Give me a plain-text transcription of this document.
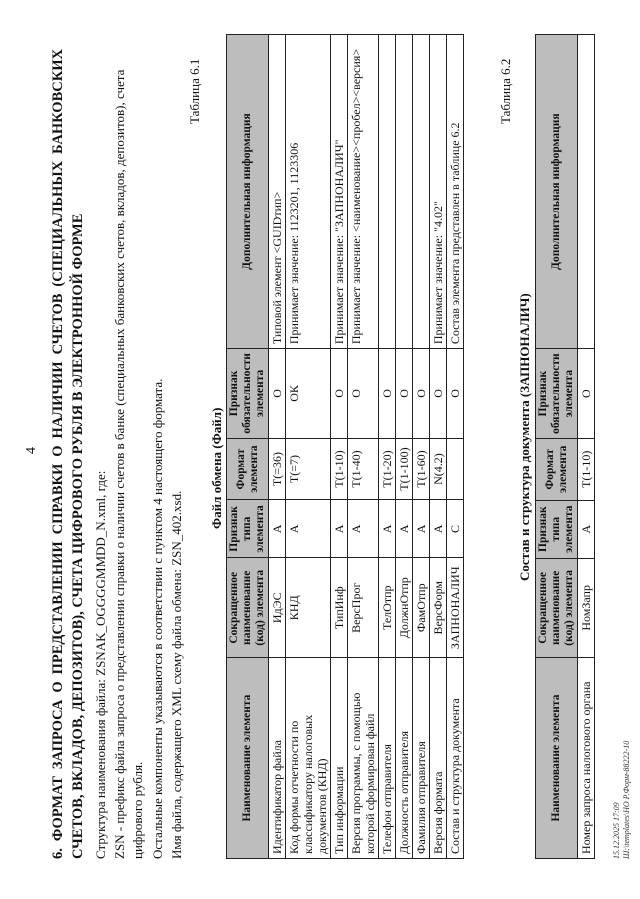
4 6. ФОРМАТ ЗАПРОСА О ПРЕДСТАВЛЕНИИ СПРАВКИ О НАЛИЧИИ СЧЕТОВ (СПЕЦИАЛЬНЫХ БАНКОВСКИХ СЧЕТОВ, ВКЛАДОВ, ДЕПОЗИТОВ), СЧЕТА ЦИФРОВОГО РУБЛЯ В ЭЛЕКТРОННОЙ ФОРМЕ Структура наименования файла: ZSNAK_OGGGGMMDD_N.xml, где: ZSN - префикс файла запроса о представлении справки о наличии счетов в банке (специальных банковских счетов, вкладов, депозитов), счета цифрового рубля. Остальные компоненты указываются в соответствии с пунктом 4 настоящего формата. Имя файла, содержащего XML схему файла обмена: ZSN_402.xsd.
Таблица 6.1
Файл обмена (Файл)
Наименование элемента	Сокращенное наименование (код) элемента	Признак типа элемента	Формат элемента	Признак обязательности элемента	Дополнительная информация
Идентификатор файла	ИдЭС	А	T(=36)	О	Типовой элемент <GUIDтип>
Код формы отчетности по классификатору налоговых документов (КНД)	КНД	А	T(=7)	ОК	Принимает значение: 1123201, 1123306
Тип информации	ТипИнф	А	T(1-10)	О	Принимает значение: "ЗАПНОНАЛИЧ"
Версия программы, с помощью которой сформирован файл	ВерсПрог	А	T(1-40)	О	Принимает значение: <наименование><пробел><версия>
Телефон отправителя	ТелОтпр	А	T(1-20)	О	
Должность отправителя	ДолжнОтпр	А	T(1-100)	О	
Фамилия отправителя	ФамОтпр	А	T(1-60)	О	
Версия формата	ВерсФорм	А	N(4.2)	О	Принимает значение: "4.02"
Состав и структура документа	ЗАПНОНАЛИЧ	С		О	Состав элемента представлен в таблице 6.2
Таблица 6.2
Состав и структура документа (ЗАПНОНАЛИЧ)
Наименование элемента	Сокращенное наименование (код) элемента	Признак типа элемента	Формат элемента	Признак обязательности элемента	Дополнительная информация
Номер запроса налогового органа	НомЗапр	А	T(1-10)	О	
15.12.2025 17:09 Ш:\templates\НО Р.Форм-88222-10
